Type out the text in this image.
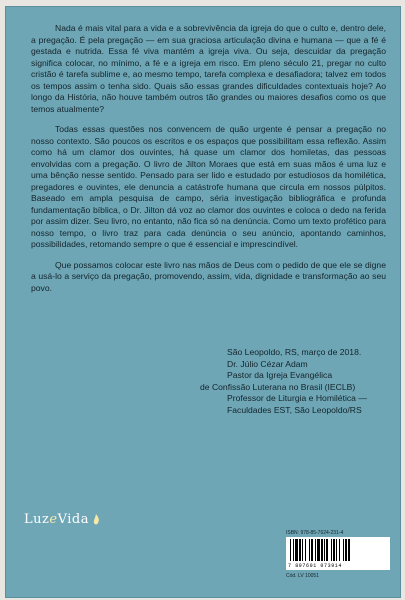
Nada é mais vital para a vida e a sobrevivência da igreja do que o culto e, dentro dele, a pregação. É pela pregação — em sua graciosa articulação divina e humana — que a fé é gestada e nutrida. Essa fé viva mantém a igreja viva. Ou seja, descuidar da pregação significa colocar, no mínimo, a fé e a igreja em risco. Em pleno século 21, pregar no culto cristão é tarefa sublime e, ao mesmo tempo, tarefa complexa e desafiadora; talvez em todos os tempos assim o tenha sido. Quais são essas grandes dificuldades contextuais hoje? Ao longo da História, não houve também outros tão grandes ou maiores desafios como os que temos atualmente?

Todas essas questões nos convencem de quão urgente é pensar a pregação no nosso contexto. São poucos os escritos e os espaços que possibilitam essa reflexão. Assim como há um clamor dos ouvintes, há quase um clamor dos homiletas, das pessoas envolvidas com a pregação. O livro de Jilton Moraes que está em suas mãos é uma luz e uma bênção nesse sentido. Pensado para ser lido e estudado por estudiosos da homilética, pregadores e ouvintes, ele denuncia a catástrofe humana que circula em nossos púlpitos. Baseado em ampla pesquisa de campo, séria investigação bibliográfica e profunda fundamentação bíblica, o Dr. Jilton dá voz ao clamor dos ouvintes e coloca o dedo na ferida por assim dizer. Seu livro, no entanto, não fica só na denúncia. Como um texto profético para nosso tempo, o livro traz para cada denúncia o seu anúncio, apontando caminhos, possibilidades, retomando sempre o que é essencial e imprescindível.

Que possamos colocar este livro nas mãos de Deus com o pedido de que ele se digne a usá-lo a serviço da pregação, promovendo, assim, vida, dignidade e transformação ao seu povo.

São Leopoldo, RS, março de 2018.
Dr. Júlio Cézar Adam
Pastor da Igreja Evangélica
de Confissão Luterana no Brasil (IECLB)
Professor de Liturgia e Homilética —
Faculdades EST, São Leopoldo/RS
LuzeVida
ISBN: 978-85-7624-231-4
7 897601 073914
Cód. LV 10051
